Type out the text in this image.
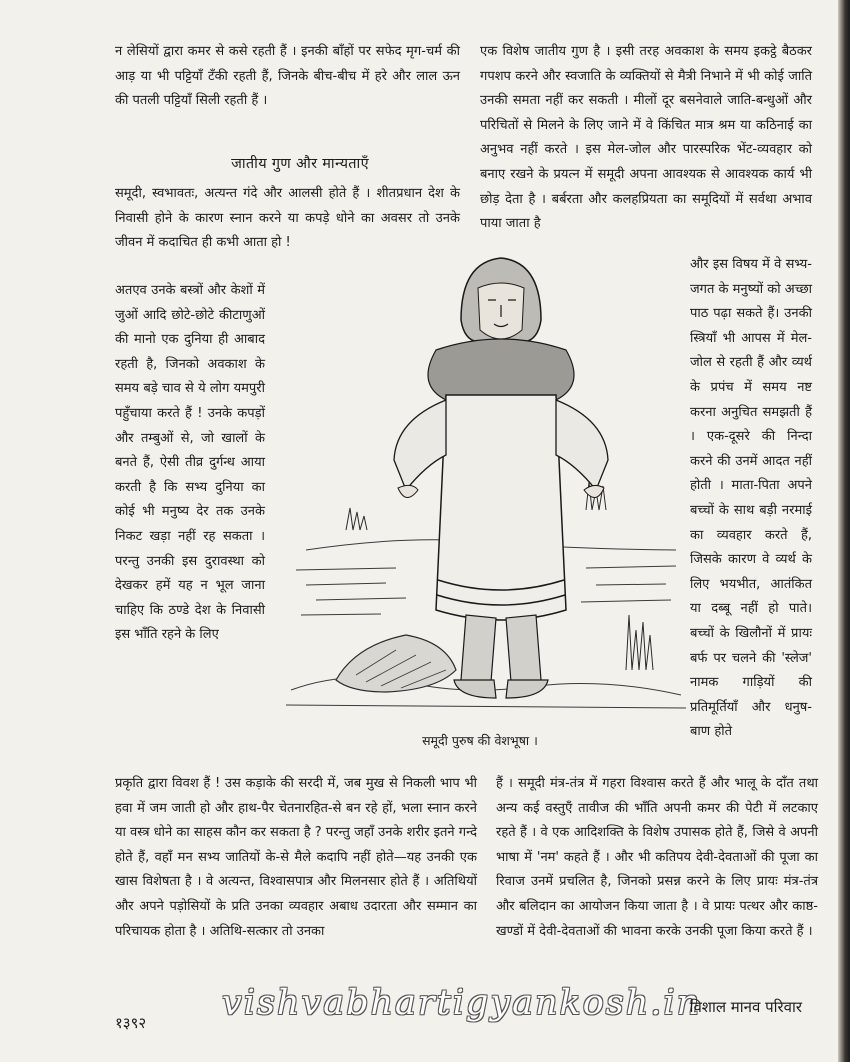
न लेसियों द्वारा कमर से कसे रहती हैं । इनकी बाँहों पर सफेद मृग-चर्म की आड़ या भी पट्टियाँ टँकी रहती हैं, जिनके बीच-बीच में हरे और लाल ऊन की पतली पट्टियाँ सिली रहती हैं ।

जातीय गुण और मान्यताएँ

समूदी, स्वभावतः, अत्यन्त गंदे और आलसी होते हैं । शीतप्रधान देश के निवासी होने के कारण स्नान करने या कपड़े धोने का अवसर तो उनके जीवन में कदाचित ही कभी आता हो !

अतएव उनके बस्त्रों और केशों में जुओं आदि छोटे-छोटे कीटाणुओं की मानो एक दुनिया ही आबाद रहती है, जिनको अवकाश के समय बड़े चाव से ये लोग यमपुरी पहुँचाया करते हैं ! उनके कपड़ों और तम्बुओं से, जो खालों के बनते हैं, ऐसी तीव्र दुर्गन्ध आया करती है कि सभ्य दुनिया का कोई भी मनुष्य देर तक उनके निकट खड़ा नहीं रह सकता । परन्तु उनकी इस दुरावस्था को देखकर हमें यह न भूल जाना चाहिए कि ठण्डे देश के निवासी इस भाँति रहने के लिए

एक विशेष जातीय गुण है । इसी तरह अवकाश के समय इकट्ठे बैठकर गपशप करने और स्वजाति के व्यक्तियों से मैत्री निभाने में भी कोई जाति उनकी समता नहीं कर सकती । मीलों दूर बसनेवाले जाति-बन्धुओं और परिचितों से मिलने के लिए जाने में वे किंचित मात्र श्रम या कठिनाई का अनुभव नहीं करते । इस मेल-जोल और पारस्परिक भेंट-व्यवहार को बनाए रखने के प्रयत्न में समूदी अपना आवश्यक से आवश्यक कार्य भी छोड़ देता है । बर्बरता और कलहप्रियता का समूदियों में सर्वथा अभाव पाया जाता है

और इस विषय में वे सभ्य-जगत के मनुष्यों को अच्छा पाठ पढ़ा सकते हैं। उनकी स्त्रियाँ भी आपस में मेल-जोल से रहती हैं और व्यर्थ के प्रपंच में समय नष्ट करना अनुचित समझती हैं । एक-दूसरे की निन्दा करने की उनमें आदत नहीं होती । माता-पिता अपने बच्चों के साथ बड़ी नरमाई का व्यवहार करते हैं, जिसके कारण वे व्यर्थ के लिए भयभीत, आतंकित या दब्बू नहीं हो पाते। बच्चों के खिलौनों में प्रायः बर्फ पर चलने की 'स्लेज' नामक गाड़ियों की प्रतिमूर्तियाँ और धनुष-बाण होते

समूदी पुरुष की वेशभूषा ।

प्रकृति द्वारा विवश हैं ! उस कड़ाके की सरदी में, जब मुख से निकली भाप भी हवा में जम जाती हो और हाथ-पैर चेतनारहित-से बन रहे हों, भला स्नान करने या वस्त्र धोने का साहस कौन कर सकता है ? परन्तु जहाँ उनके शरीर इतने गन्दे होते हैं, वहाँ मन सभ्य जातियों के-से मैले कदापि नहीं होते—यह उनकी एक खास विशेषता है । वे अत्यन्त, विश्वासपात्र और मिलनसार होते हैं । अतिथियों और अपने पड़ोसियों के प्रति उनका व्यवहार अबाध उदारता और सम्मान का परिचायक होता है । अतिथि-सत्कार तो उनका

हैं । समूदी मंत्र-तंत्र में गहरा विश्वास करते हैं और भालू के दाँत तथा अन्य कई वस्तुएँ तावीज की भाँति अपनी कमर की पेटी में लटकाए रहते हैं । वे एक आदिशक्ति के विशेष उपासक होते हैं, जिसे वे अपनी भाषा में 'नम' कहते हैं । और भी कतिपय देवी-देवताओं की पूजा का रिवाज उनमें प्रचलित है, जिनको प्रसन्न करने के लिए प्रायः मंत्र-तंत्र और बलिदान का आयोजन किया जाता है । वे प्रायः पत्थर और काष्ठ-खण्डों में देवी-देवताओं की भावना करके उनकी पूजा किया करते हैं ।

१३९२ vishvabhartigyankosh.in
विशाल मानव परिवार
